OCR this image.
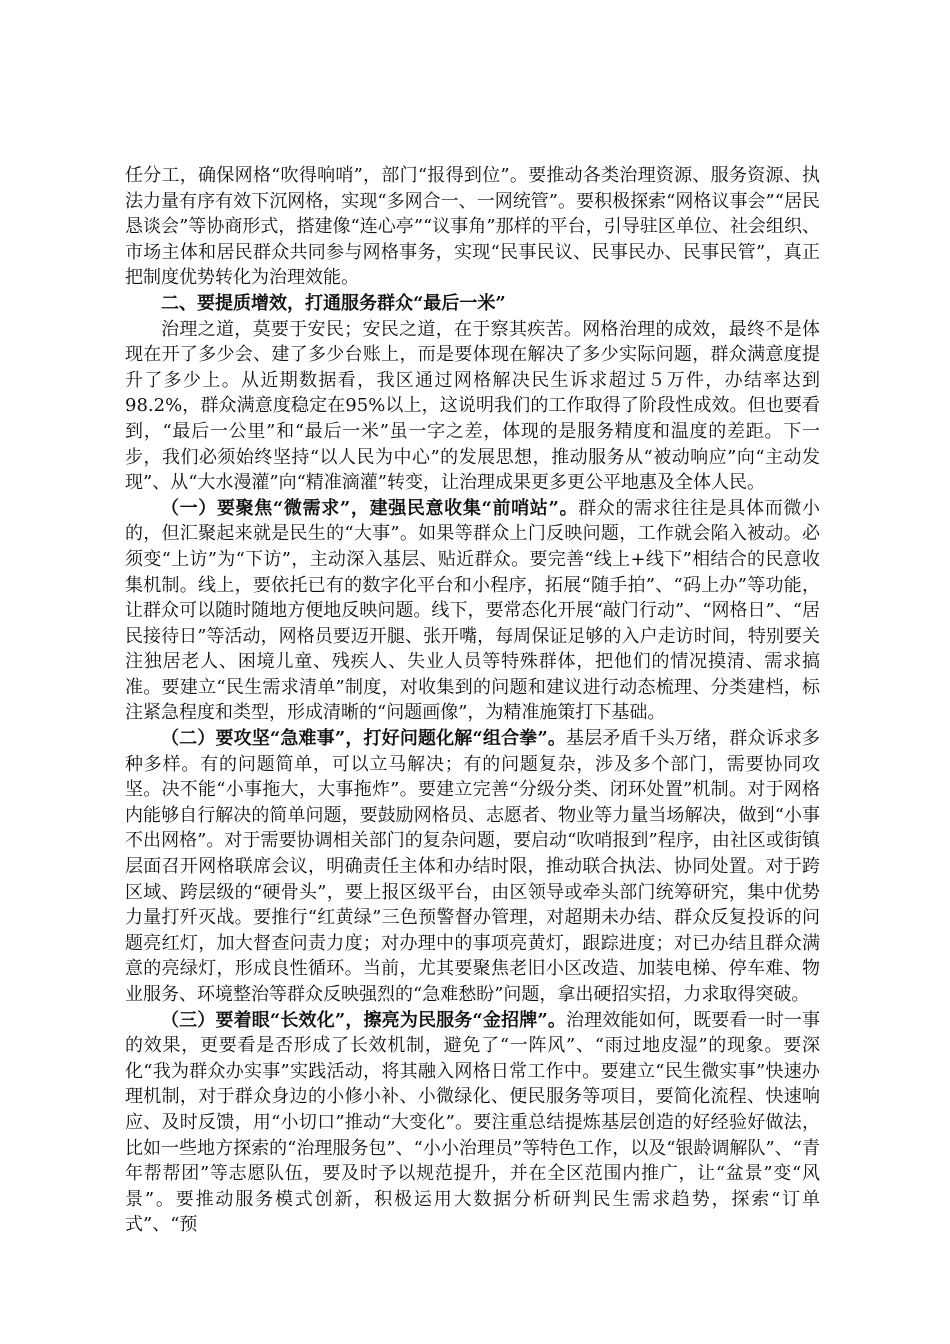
任分工，确保网格“吹得响哨”，部门“报得到位”。要推动各类治理资源、服务资源、执法力量有序有效下沉网格，实现“多网合一、一网统管”。要积极探索“网格议事会”“居民恳谈会”等协商形式，搭建像“连心亭”“议事角”那样的平台，引导驻区单位、社会组织、市场主体和居民群众共同参与网格事务，实现“民事民议、民事民办、民事民管”，真正把制度优势转化为治理效能。

二、要提质增效，打通服务群众“最后一米”

治理之道，莫要于安民；安民之道，在于察其疾苦。网格治理的成效，最终不是体现在开了多少会、建了多少台账上，而是要体现在解决了多少实际问题，群众满意度提升了多少上。从近期数据看，我区通过网格解决民生诉求超过５万件，办结率达到98.2%，群众满意度稳定在95%以上，这说明我们的工作取得了阶段性成效。但也要看到，“最后一公里”和“最后一米”虽一字之差，体现的是服务精度和温度的差距。下一步，我们必须始终坚持“以人民为中心”的发展思想，推动服务从“被动响应”向“主动发现”、从“大水漫灌”向“精准滴灌”转变，让治理成果更多更公平地惠及全体人民。

（一）要聚焦“微需求”，建强民意收集“前哨站”。群众的需求往往是具体而微小的，但汇聚起来就是民生的“大事”。如果等群众上门反映问题，工作就会陷入被动。必须变“上访”为“下访”，主动深入基层、贴近群众。要完善“线上+线下”相结合的民意收集机制。线上，要依托已有的数字化平台和小程序，拓展“随手拍”、“码上办”等功能，让群众可以随时随地方便地反映问题。线下，要常态化开展“敲门行动”、“网格日”、“居民接待日”等活动，网格员要迈开腿、张开嘴，每周保证足够的入户走访时间，特别要关注独居老人、困境儿童、残疾人、失业人员等特殊群体，把他们的情况摸清、需求搞准。要建立“民生需求清单”制度，对收集到的问题和建议进行动态梳理、分类建档，标注紧急程度和类型，形成清晰的“问题画像”，为精准施策打下基础。

（二）要攻坚“急难事”，打好问题化解“组合拳”。基层矛盾千头万绪，群众诉求多种多样。有的问题简单，可以立马解决；有的问题复杂，涉及多个部门，需要协同攻坚。决不能“小事拖大，大事拖炸”。要建立完善“分级分类、闭环处置”机制。对于网格内能够自行解决的简单问题，要鼓励网格员、志愿者、物业等力量当场解决，做到“小事不出网格”。对于需要协调相关部门的复杂问题，要启动“吹哨报到”程序，由社区或街镇层面召开网格联席会议，明确责任主体和办结时限，推动联合执法、协同处置。对于跨区域、跨层级的“硬骨头”，要上报区级平台，由区领导或牵头部门统筹研究，集中优势力量打歼灭战。要推行“红黄绿”三色预警督办管理，对超期未办结、群众反复投诉的问题亮红灯，加大督查问责力度；对办理中的事项亮黄灯，跟踪进度；对已办结且群众满意的亮绿灯，形成良性循环。当前，尤其要聚焦老旧小区改造、加装电梯、停车难、物业服务、环境整治等群众反映强烈的“急难愁盼”问题，拿出硬招实招，力求取得突破。

（三）要着眼“长效化”，擦亮为民服务“金招牌”。治理效能如何，既要看一时一事的效果，更要看是否形成了长效机制，避免了“一阵风”、“雨过地皮湿”的现象。要深化“我为群众办实事”实践活动，将其融入网格日常工作中。要建立“民生微实事”快速办理机制，对于群众身边的小修小补、小微绿化、便民服务等项目，要简化流程、快速响应、及时反馈，用“小切口”推动“大变化”。要注重总结提炼基层创造的好经验好做法，比如一些地方探索的“治理服务包”、“小小治理员”等特色工作，以及“银龄调解队”、“青年帮帮团”等志愿队伍，要及时予以规范提升，并在全区范围内推广，让“盆景”变“风景”。要推动服务模式创新，积极运用大数据分析研判民生需求趋势，探索“订单式”、“预
